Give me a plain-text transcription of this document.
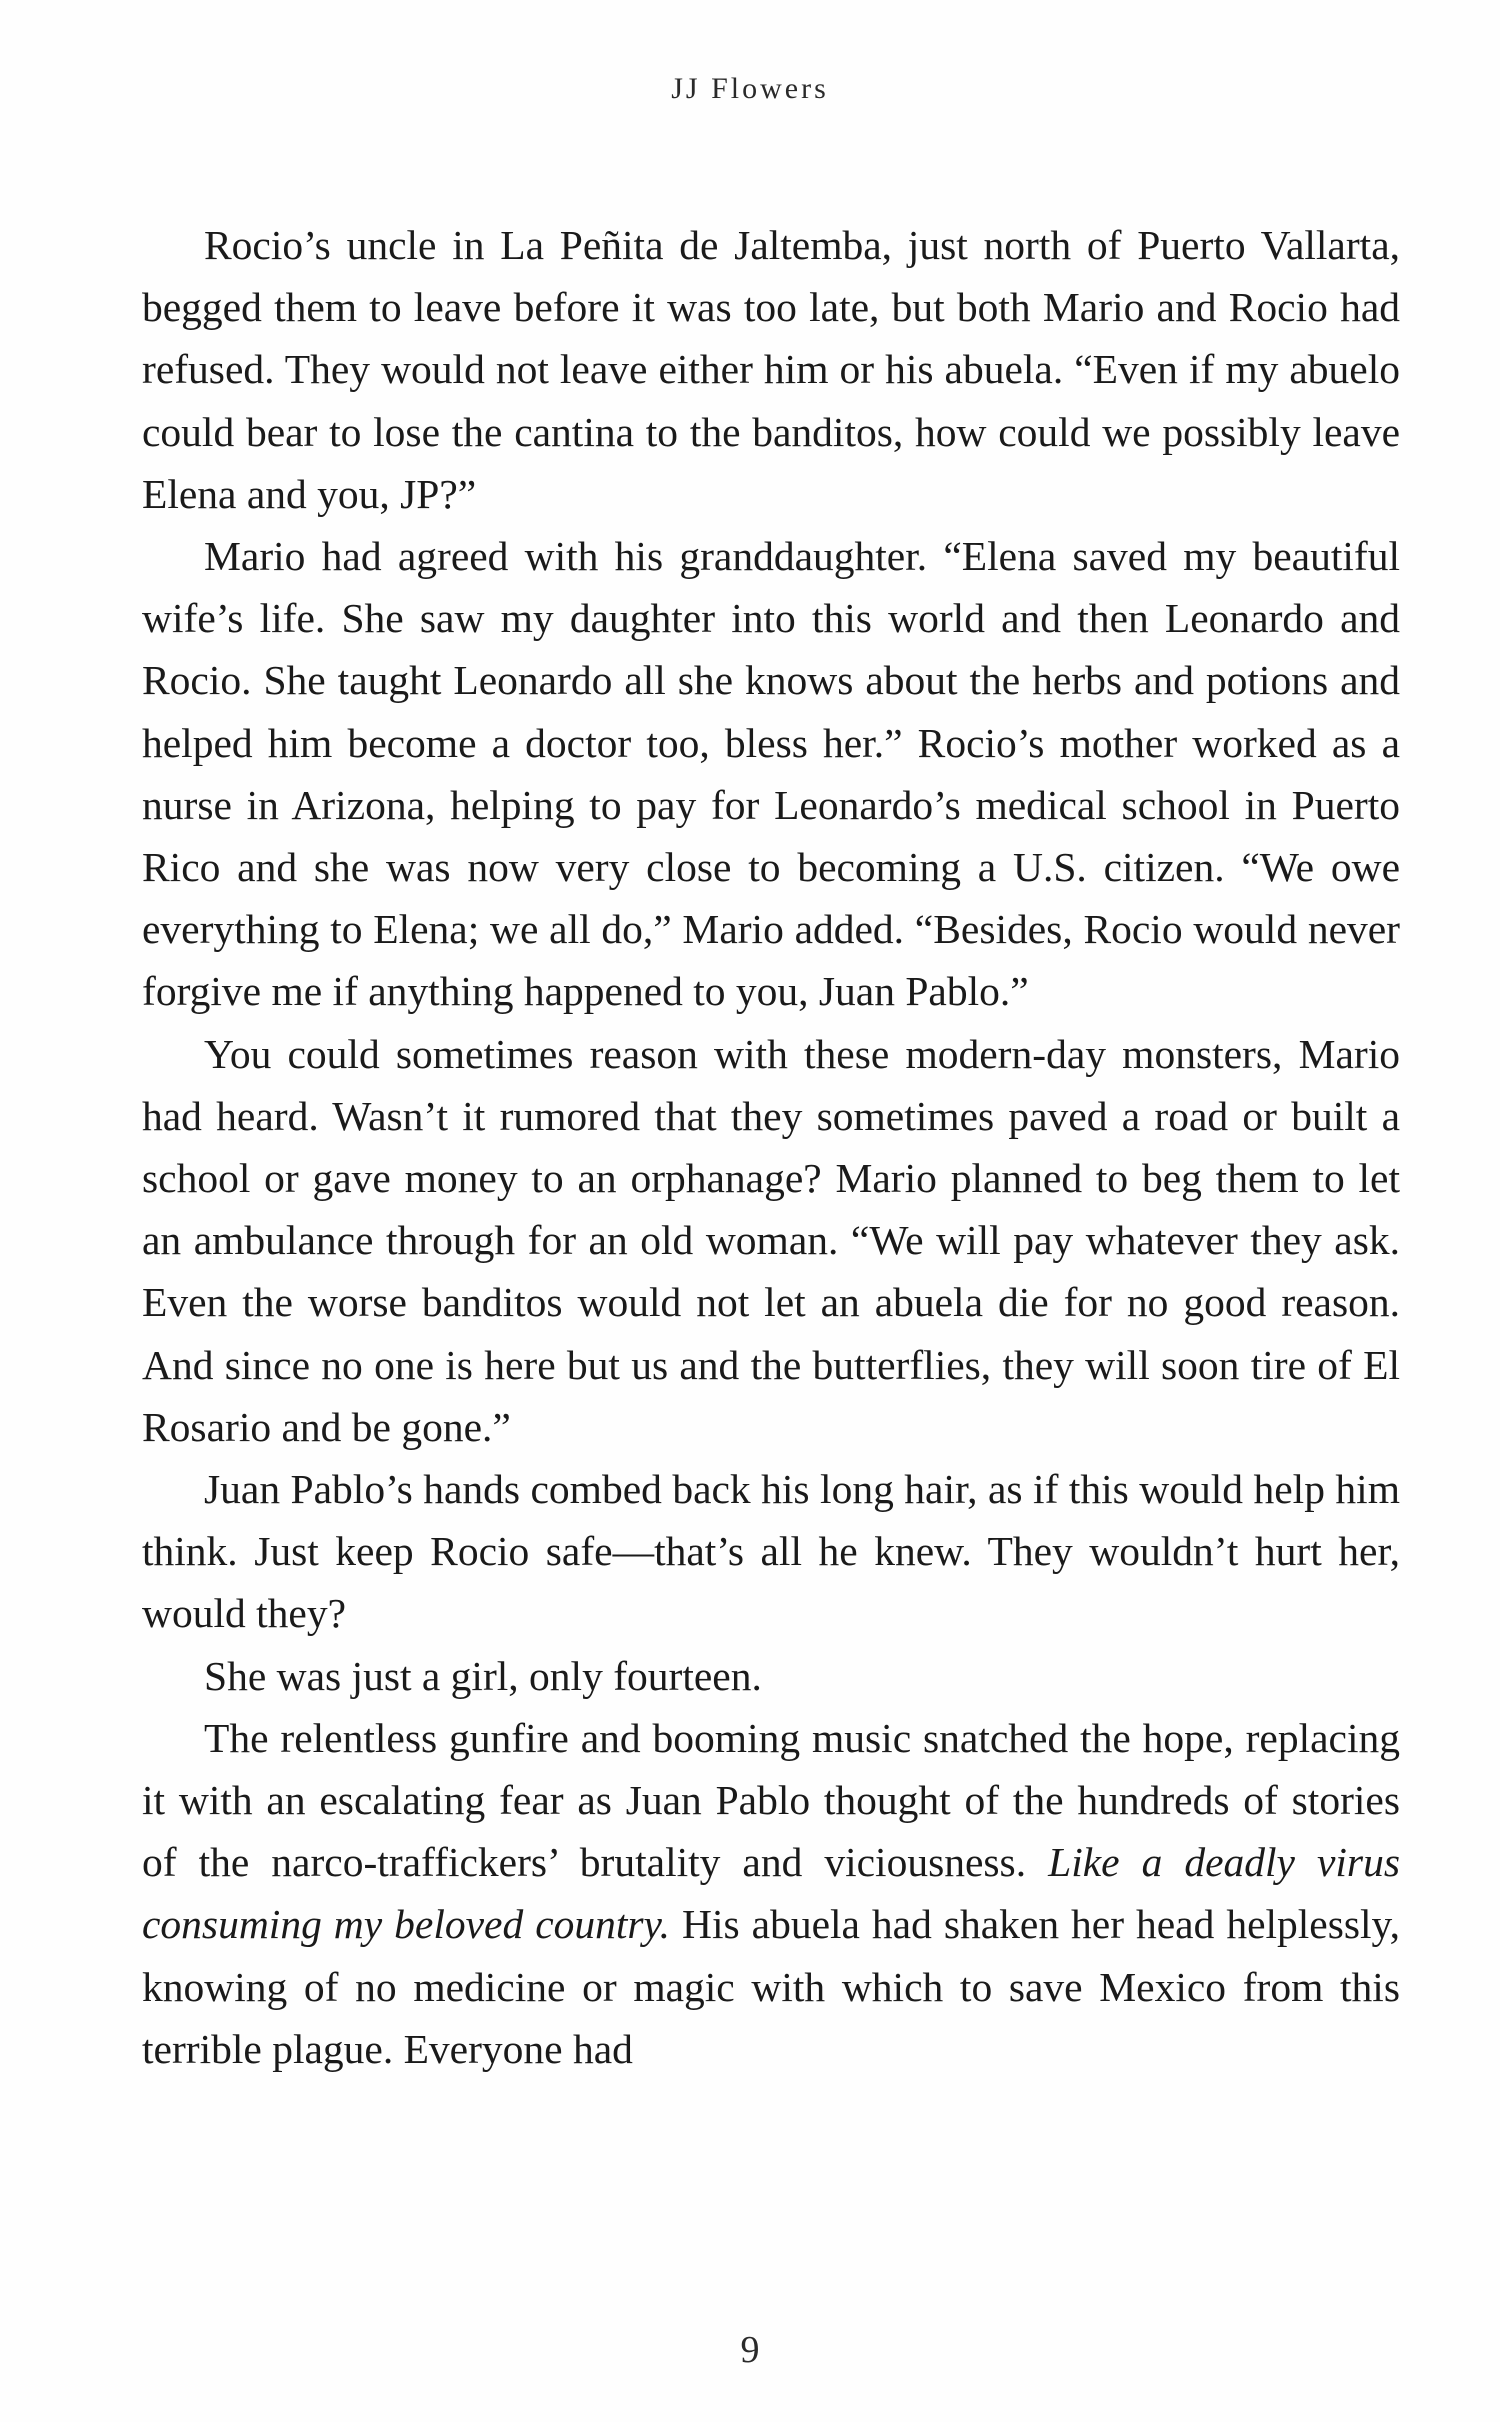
JJ Flowers

Rocio’s uncle in La Peñita de Jaltemba, just north of Puerto Vallarta, begged them to leave before it was too late, but both Mario and Rocio had refused. They would not leave either him or his abuela. “Even if my abuelo could bear to lose the cantina to the banditos, how could we possibly leave Elena and you, JP?”

Mario had agreed with his granddaughter. “Elena saved my beautiful wife’s life. She saw my daughter into this world and then Leonardo and Rocio. She taught Leonardo all she knows about the herbs and potions and helped him become a doctor too, bless her.” Rocio’s mother worked as a nurse in Arizona, helping to pay for Leonardo’s medical school in Puerto Rico and she was now very close to becoming a U.S. citizen. “We owe everything to Elena; we all do,” Mario added. “Besides, Rocio would never forgive me if anything happened to you, Juan Pablo.”

You could sometimes reason with these modern-day monsters, Mario had heard. Wasn’t it rumored that they sometimes paved a road or built a school or gave money to an orphanage? Mario planned to beg them to let an ambulance through for an old woman. “We will pay whatever they ask. Even the worse banditos would not let an abuela die for no good reason. And since no one is here but us and the butterflies, they will soon tire of El Rosario and be gone.”

Juan Pablo’s hands combed back his long hair, as if this would help him think. Just keep Rocio safe—that’s all he knew. They wouldn’t hurt her, would they?

She was just a girl, only fourteen.

The relentless gunfire and booming music snatched the hope, replacing it with an escalating fear as Juan Pablo thought of the hundreds of stories of the narco-traffickers’ brutality and viciousness. Like a deadly virus consuming my beloved country. His abuela had shaken her head helplessly, knowing of no medicine or magic with which to save Mexico from this terrible plague. Everyone had

9
